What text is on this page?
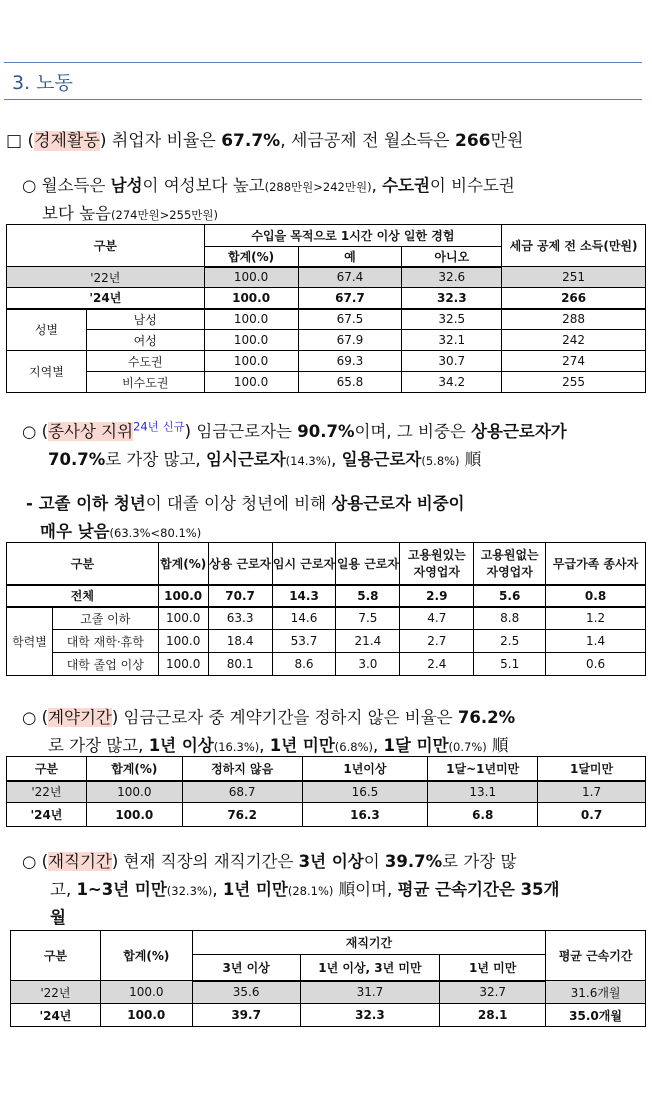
3. 노동
□ (경제활동) 취업자 비율은 67.7%, 세금공제 전 월소득은 266만원
○ 월소득은 남성이 여성보다 높고(288만원>242만원), 수도권이 비수도권
보다 높음(274만원>255만원)
구분		수입을 목적으로 1시간 이상 일한 경험			세금 공제 전 소득(만원)
		합계(%)	예	아니오	
'22년		100.0	67.4	32.6	251
'24년		100.0	67.7	32.3	266
성별	남성	100.0	67.5	32.5	288
	여성	100.0	67.9	32.1	242
지역별	수도권	100.0	69.3	30.7	274
	비수도권	100.0	65.8	34.2	255
○ (종사상 지위$^{24년 신규}$) 임금근로자는 90.7%이며, 그 비중은 상용근로자가
70.7%로 가장 많고, 임시근로자(14.3%), 일용근로자(5.8%) 順
- 고졸 이하 청년이 대졸 이상 청년에 비해 상용근로자 비중이
매우 낮음(63.3%<80.1%)
구분		합계(%)	상용 근로자	임시 근로자	일용 근로자	고용원있는 자영업자	고용원없는 자영업자	무급가족 종사자
전체		100.0	70.7	14.3	5.8	2.9	5.6	0.8
학력별	고졸 이하	100.0	63.3	14.6	7.5	4.7	8.8	1.2
	대학 재학·휴학	100.0	18.4	53.7	21.4	2.7	2.5	1.4
	대학 졸업 이상	100.0	80.1	8.6	3.0	2.4	5.1	0.6
○ (계약기간) 임금근로자 중 계약기간을 정하지 않은 비율은 76.2%
로 가장 많고, 1년 이상(16.3%), 1년 미만(6.8%), 1달 미만(0.7%) 順
구분	합계(%)	정하지 않음	1년이상	1달~1년미만	1달미만
'22년	100.0	68.7	16.5	13.1	1.7
'24년	100.0	76.2	16.3	6.8	0.7
○ (재직기간) 현재 직장의 재직기간은 3년 이상이 39.7%로 가장 많
고, 1~3년 미만(32.3%), 1년 미만(28.1%) 順이며, 평균 근속기간은 35개
월
구분	합계(%)	재직기간			평균 근속기간
		3년 이상	1년 이상, 3년 미만	1년 미만	
'22년	100.0	35.6	31.7	32.7	31.6개월
'24년	100.0	39.7	32.3	28.1	35.0개월
